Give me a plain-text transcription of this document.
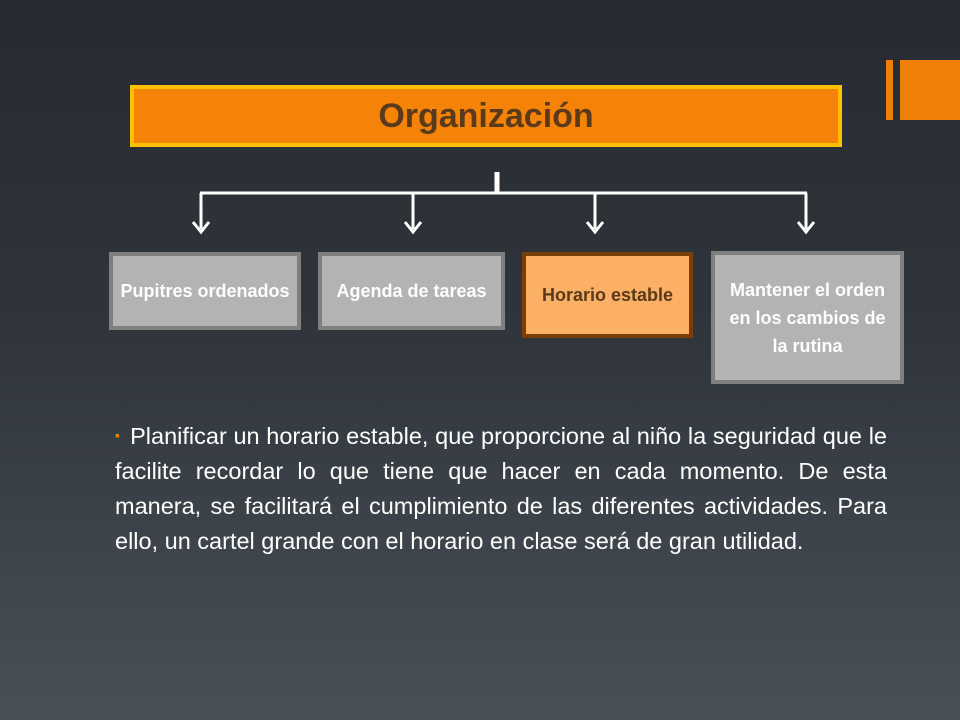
Organización
Pupitres ordenados	Agenda de tareas	Horario estable	Mantener el orden en los cambios de la rutina

▪ Planificar un horario estable, que proporcione al niño la seguridad que le facilite recordar lo que tiene que hacer en cada momento. De esta manera, se facilitará el cumplimiento de las diferentes actividades. Para ello, un cartel grande con el horario en clase será de gran utilidad.
